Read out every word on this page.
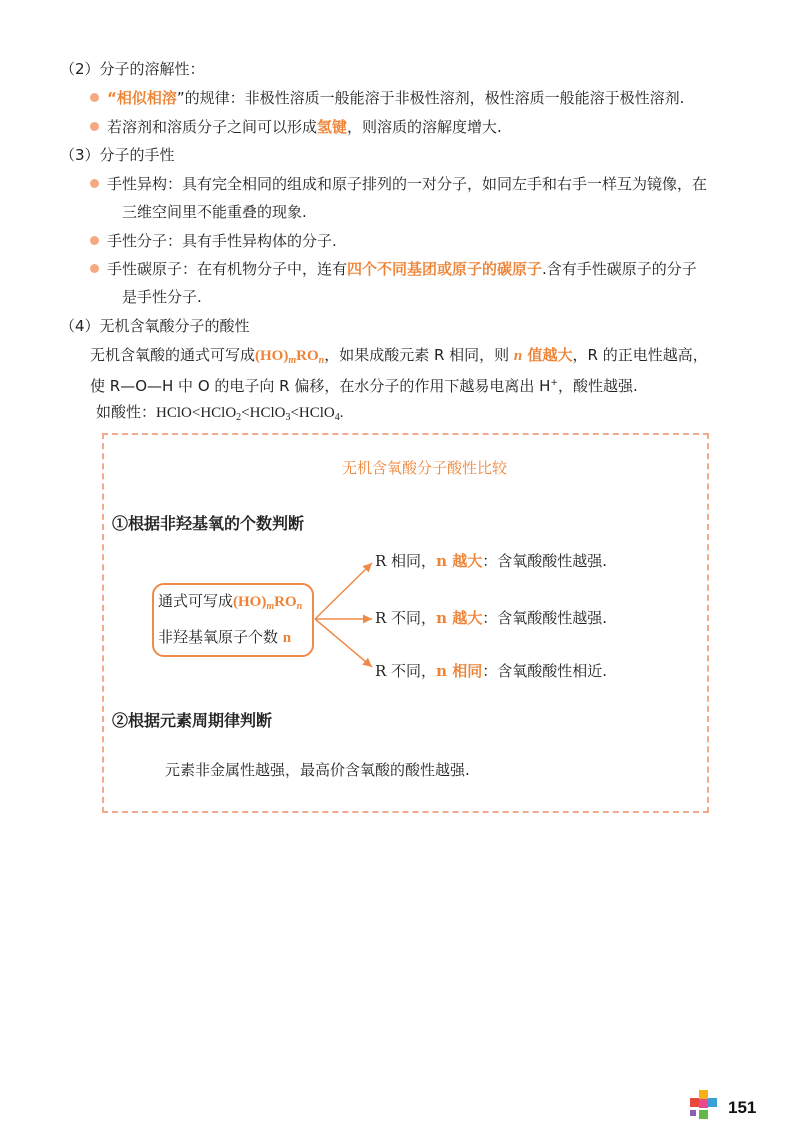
（2）分子的溶解性：
“相似相溶”的规律：非极性溶质一般能溶于非极性溶剂，极性溶质一般能溶于极性溶剂.
若溶剂和溶质分子之间可以形成氢键，则溶质的溶解度增大.
（3）分子的手性
手性异构：具有完全相同的组成和原子排列的一对分子，如同左手和右手一样互为镜像，在
三维空间里不能重叠的现象.
手性分子：具有手性异构体的分子.
手性碳原子：在有机物分子中，连有四个不同基团或原子的碳原子.含有手性碳原子的分子
是手性分子.
（4）无机含氧酸分子的酸性
无机含氧酸的通式可写成$(HO)_mRO_n$，如果成酸元素 R 相同，则 n 值越大，R 的正电性越高，
使 R—O—H 中 O 的电子向 R 偏移，在水分子的作用下越易电离出 H+，酸性越强.
如酸性：HClO<HClO$_2$<HClO$_3$<HClO$_4$.
无机含氧酸分子酸性比较
①根据非羟基氧的个数判断
通式可写成$(HO)_mRO_n$
非羟基氧原子个数 n
R 相同，n 越大：含氧酸酸性越强.
R 不同，n 越大：含氧酸酸性越强.
R 不同，n 相同：含氧酸酸性相近.
②根据元素周期律判断
元素非金属性越强，最高价含氧酸的酸性越强.
151
